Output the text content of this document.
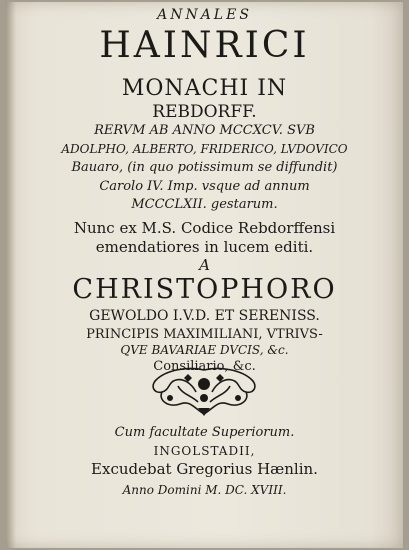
ANNALES
HAINRICI
MONACHI IN
REBDORFF.
RERVM AB ANNO MCCXCV. SVB
ADOLPHO, ALBERTO, FRIDERICO, LVDOVICO
Bauaro, (in quo potissimum se diffundit)
Carolo IV. Imp. vsque ad annum
MCCCLXII. gestarum.
Nunc ex M.S. Codice Rebdorffensi
emendatiores in lucem editi.
A
CHRISTOPHORO
GEWOLDO I.V.D. ET SERENISS.
PRINCIPIS MAXIMILIANI, VTRIVS-
QVE BAVARIAE DVCIS, &c.
Cum facultate Superiorum.
INGOLSTADII,
Excudebat Gregorius Hænlin.
Anno Domini M. DC. XVIII.
Consiliario, &c.
